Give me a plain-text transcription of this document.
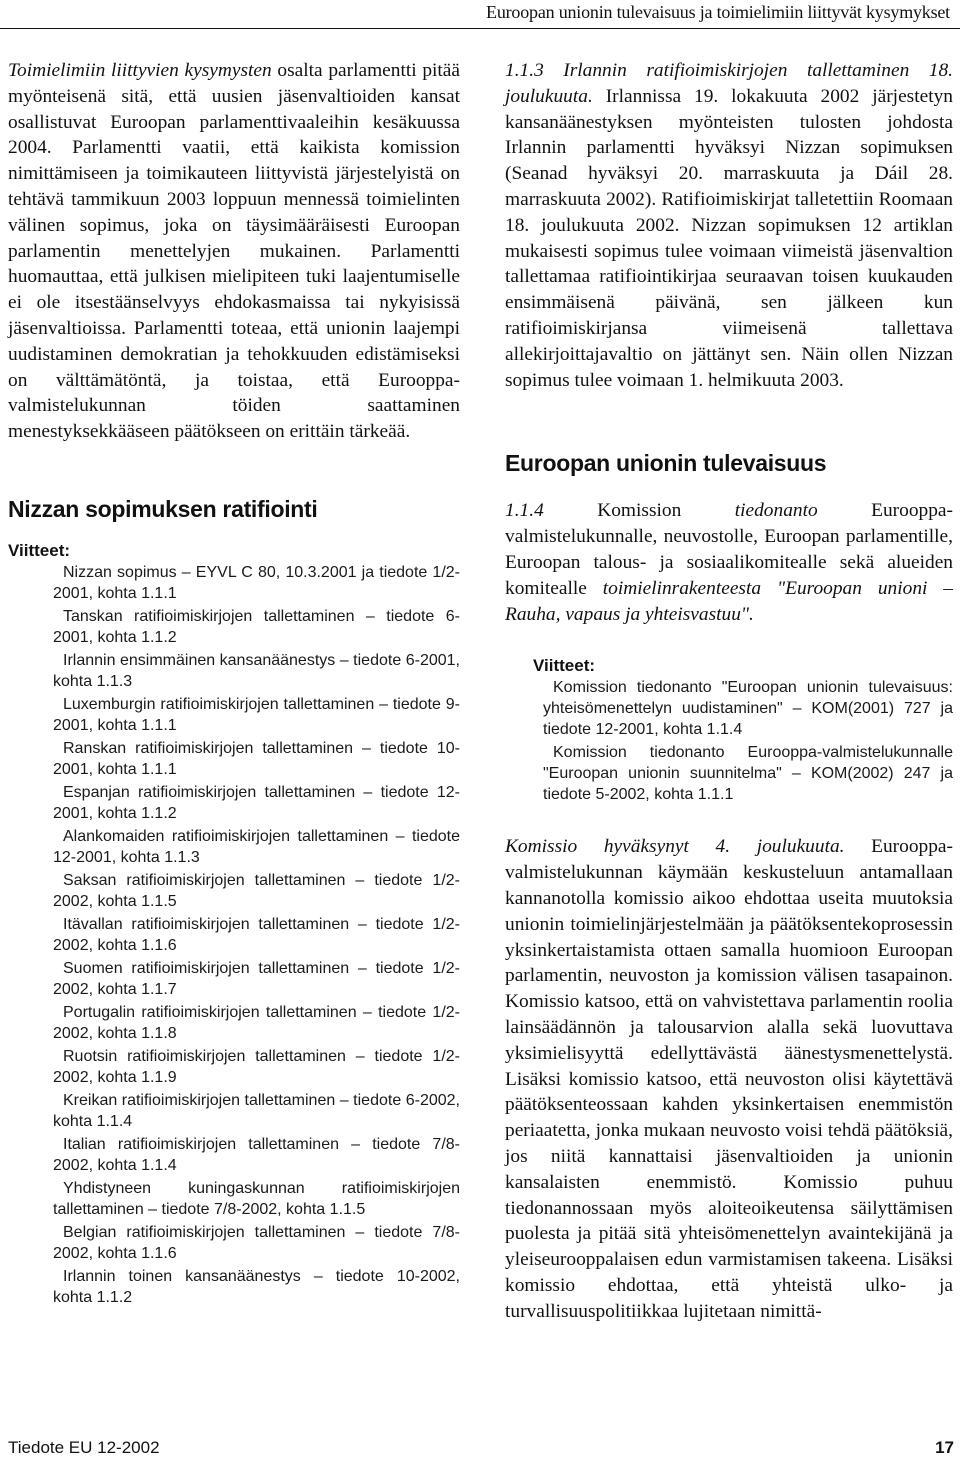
Euroopan unionin tulevaisuus ja toimielimiin liittyvät kysymykset

Toimielimiin liittyvien kysymysten osalta parlamentti pitää myönteisenä sitä, että uusien jäsenvaltioiden kansat osallistuvat Euroopan parlamenttivaaleihin kesäkuussa 2004. Parlamentti vaatii, että kaikista komission nimittämiseen ja toimikauteen liittyvistä järjestelyistä on tehtävä tammikuun 2003 loppuun mennessä toimielinten välinen sopimus, joka on täysimääräisesti Euroopan parlamentin menettelyjen mukainen. Parlamentti huomauttaa, että julkisen mielipiteen tuki laajentumiselle ei ole itsestäänselvyys ehdokasmaissa tai nykyisissä jäsenvaltioissa. Parlamentti toteaa, että unionin laajempi uudistaminen demokratian ja tehokkuuden edistämiseksi on välttämätöntä, ja toistaa, että Eurooppa-valmistelukunnan töiden saattaminen menestyksekkääseen päätökseen on erittäin tärkeää.

Nizzan sopimuksen ratifiointi
Viitteet:
Nizzan sopimus – EYVL C 80, 10.3.2001 ja tiedote 1/2-2001, kohta 1.1.1
Tanskan ratifioimiskirjojen tallettaminen – tiedote 6-2001, kohta 1.1.2
Irlannin ensimmäinen kansanäänestys – tiedote 6-2001, kohta 1.1.3
Luxemburgin ratifioimiskirjojen tallettaminen – tiedote 9-2001, kohta 1.1.1
Ranskan ratifioimiskirjojen tallettaminen – tiedote 10-2001, kohta 1.1.1
Espanjan ratifioimiskirjojen tallettaminen – tiedote 12-2001, kohta 1.1.2
Alankomaiden ratifioimiskirjojen tallettaminen – tiedote 12-2001, kohta 1.1.3
Saksan ratifioimiskirjojen tallettaminen – tiedote 1/2-2002, kohta 1.1.5
Itävallan ratifioimiskirjojen tallettaminen – tiedote 1/2-2002, kohta 1.1.6
Suomen ratifioimiskirjojen tallettaminen – tiedote 1/2-2002, kohta 1.1.7
Portugalin ratifioimiskirjojen tallettaminen – tiedote 1/2-2002, kohta 1.1.8
Ruotsin ratifioimiskirjojen tallettaminen – tiedote 1/2-2002, kohta 1.1.9
Kreikan ratifioimiskirjojen tallettaminen – tiedote 6-2002, kohta 1.1.4
Italian ratifioimiskirjojen tallettaminen – tiedote 7/8-2002, kohta 1.1.4
Yhdistyneen kuningaskunnan ratifioimiskirjojen tallettaminen – tiedote 7/8-2002, kohta 1.1.5
Belgian ratifioimiskirjojen tallettaminen – tiedote 7/8-2002, kohta 1.1.6
Irlannin toinen kansanäänestys – tiedote 10-2002, kohta 1.1.2

1.1.3 Irlannin ratifioimiskirjojen tallettaminen 18. joulukuuta. Irlannissa 19. lokakuuta 2002 järjestetyn kansanäänestyksen myönteisten tulosten johdosta Irlannin parlamentti hyväksyi Nizzan sopimuksen (Seanad hyväksyi 20. marraskuuta ja Dáil 28. marraskuuta 2002). Ratifioimiskirjat talletettiin Roomaan 18. joulukuuta 2002. Nizzan sopimuksen 12 artiklan mukaisesti sopimus tulee voimaan viimeistä jäsenvaltion tallettamaa ratifiointikirjaa seuraavan toisen kuukauden ensimmäisenä päivänä, sen jälkeen kun ratifioimiskirjansa viimeisenä tallettava allekirjoittajavaltio on jättänyt sen. Näin ollen Nizzan sopimus tulee voimaan 1. helmikuuta 2003.

Euroopan unionin tulevaisuus

1.1.4 Komission tiedonanto Eurooppa-valmistelukunnalle, neuvostolle, Euroopan parlamentille, Euroopan talous- ja sosiaalikomitealle sekä alueiden komitealle toimielinrakenteesta "Euroopan unioni – Rauha, vapaus ja yhteisvastuu".

Viitteet:
Komission tiedonanto "Euroopan unionin tulevaisuus: yhteisömenettelyn uudistaminen" – KOM(2001) 727 ja tiedote 12-2001, kohta 1.1.4
Komission tiedonanto Eurooppa-valmistelukunnalle "Euroopan unionin suunnitelma" – KOM(2002) 247 ja tiedote 5-2002, kohta 1.1.1

Komissio hyväksynyt 4. joulukuuta. Eurooppa-valmistelukunnan käymään keskusteluun antamallaan kannanotolla komissio aikoo ehdottaa useita muutoksia unionin toimielinjärjestelmään ja päätöksentekoprosessin yksinkertaistamista ottaen samalla huomioon Euroopan parlamentin, neuvoston ja komission välisen tasapainon. Komissio katsoo, että on vahvistettava parlamentin roolia lainsäädännön ja talousarvion alalla sekä luovuttava yksimielisyyttä edellyttävästä äänestysmenettelystä. Lisäksi komissio katsoo, että neuvoston olisi käytettävä päätöksenteossaan kahden yksinkertaisen enemmistön periaatetta, jonka mukaan neuvosto voisi tehdä päätöksiä, jos niitä kannattaisi jäsenvaltioiden ja unionin kansalaisten enemmistö. Komissio puhuu tiedonannossaan myös aloiteoikeutensa säilyttämisen puolesta ja pitää sitä yhteisömenettelyn avaintekijänä ja yleiseurooppalaisen edun varmistamisen takeena. Lisäksi komissio ehdottaa, että yhteistä ulko- ja turvallisuuspolitiikkaa lujitetaan nimittä-

Tiedote EU 12-2002	17
